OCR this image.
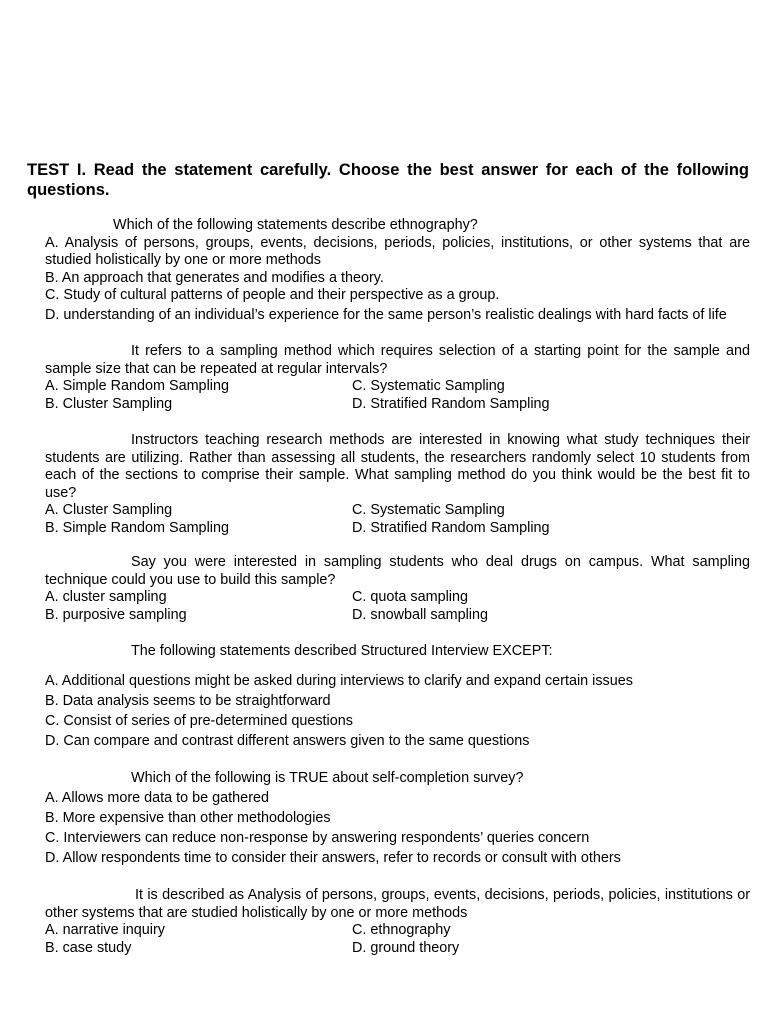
TEST I. Read the statement carefully. Choose the best answer for each of the following questions.

Which of the following statements describe ethnography?

A. Analysis of persons, groups, events, decisions, periods, policies, institutions, or other systems that are studied holistically by one or more methods

B. An approach that generates and modifies a theory.

C. Study of cultural patterns of people and their perspective as a group.

D. understanding of an individual’s experience for the same person’s realistic dealings with hard facts of life

It refers to a sampling method which requires selection of a starting point for the sample and sample size that can be repeated at regular intervals?

A. Simple Random Sampling	C. Systematic Sampling
B. Cluster Sampling	D. Stratified Random Sampling

Instructors teaching research methods are interested in knowing what study techniques their students are utilizing. Rather than assessing all students, the researchers randomly select 10 students from each of the sections to comprise their sample. What sampling method do you think would be the best fit to use?

A. Cluster Sampling	C. Systematic Sampling
B. Simple Random Sampling	D. Stratified Random Sampling

Say you were interested in sampling students who deal drugs on campus. What sampling technique could you use to build this sample?

A. cluster sampling	C. quota sampling
B. purposive sampling	D. snowball sampling

The following statements described Structured Interview EXCEPT:

A. Additional questions might be asked during interviews to clarify and expand certain issues

B. Data analysis seems to be straightforward

C. Consist of series of pre-determined questions

D. Can compare and contrast different answers given to the same questions

Which of the following is TRUE about self-completion survey?

A. Allows more data to be gathered

B. More expensive than other methodologies

C. Interviewers can reduce non-response by answering respondents’ queries concern

D. Allow respondents time to consider their answers, refer to records or consult with others

It is described as Analysis of persons, groups, events, decisions, periods, policies, institutions or other systems that are studied holistically by one or more methods

A. narrative inquiry	C. ethnography
B. case study	D. ground theory
